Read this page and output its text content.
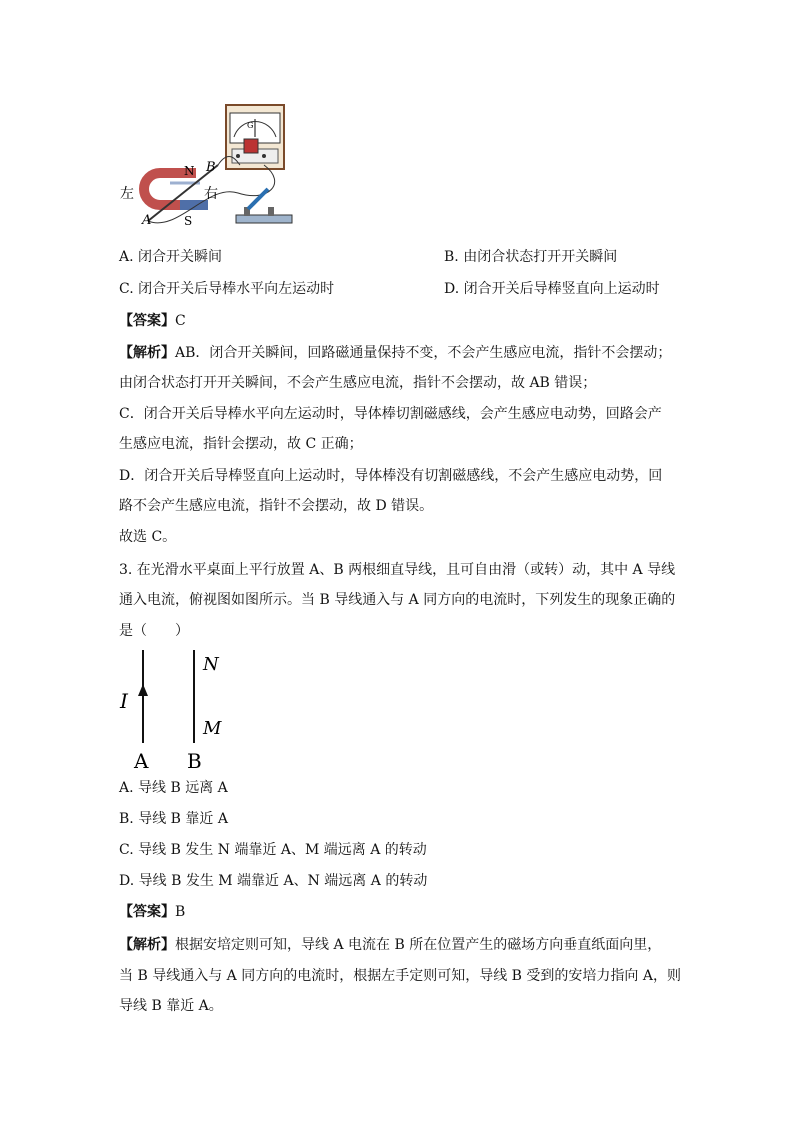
G
左	右
N
S
A
B
A. 闭合开关瞬间	B. 由闭合状态打开开关瞬间
C. 闭合开关后导棒水平向左运动时	D. 闭合开关后导棒竖直向上运动时
【答案】C
【解析】AB．闭合开关瞬间，回路磁通量保持不变，不会产生感应电流，指针不会摆动；
由闭合状态打开开关瞬间，不会产生感应电流，指针不会摆动，故 AB 错误；
C．闭合开关后导棒水平向左运动时，导体棒切割磁感线，会产生感应电动势，回路会产
生感应电流，指针会摆动，故 C 正确；
D．闭合开关后导棒竖直向上运动时，导体棒没有切割磁感线，不会产生感应电动势，回
路不会产生感应电流，指针不会摆动，故 D 错误。
故选 C。
3. 在光滑水平桌面上平行放置 A、B 两根细直导线，且可自由滑（或转）动，其中 A 导线
通入电流，俯视图如图所示。当 B 导线通入与 A 同方向的电流时，下列发生的现象正确的
是（　　）
I
A B
N
M
A. 导线 B 远离 A
B. 导线 B 靠近 A
C. 导线 B 发生 N 端靠近 A、M 端远离 A 的转动
D. 导线 B 发生 M 端靠近 A、N 端远离 A 的转动
【答案】B
【解析】根据安培定则可知，导线 A 电流在 B 所在位置产生的磁场方向垂直纸面向里，
当 B 导线通入与 A 同方向的电流时，根据左手定则可知，导线 B 受到的安培力指向 A，则
导线 B 靠近 A。
